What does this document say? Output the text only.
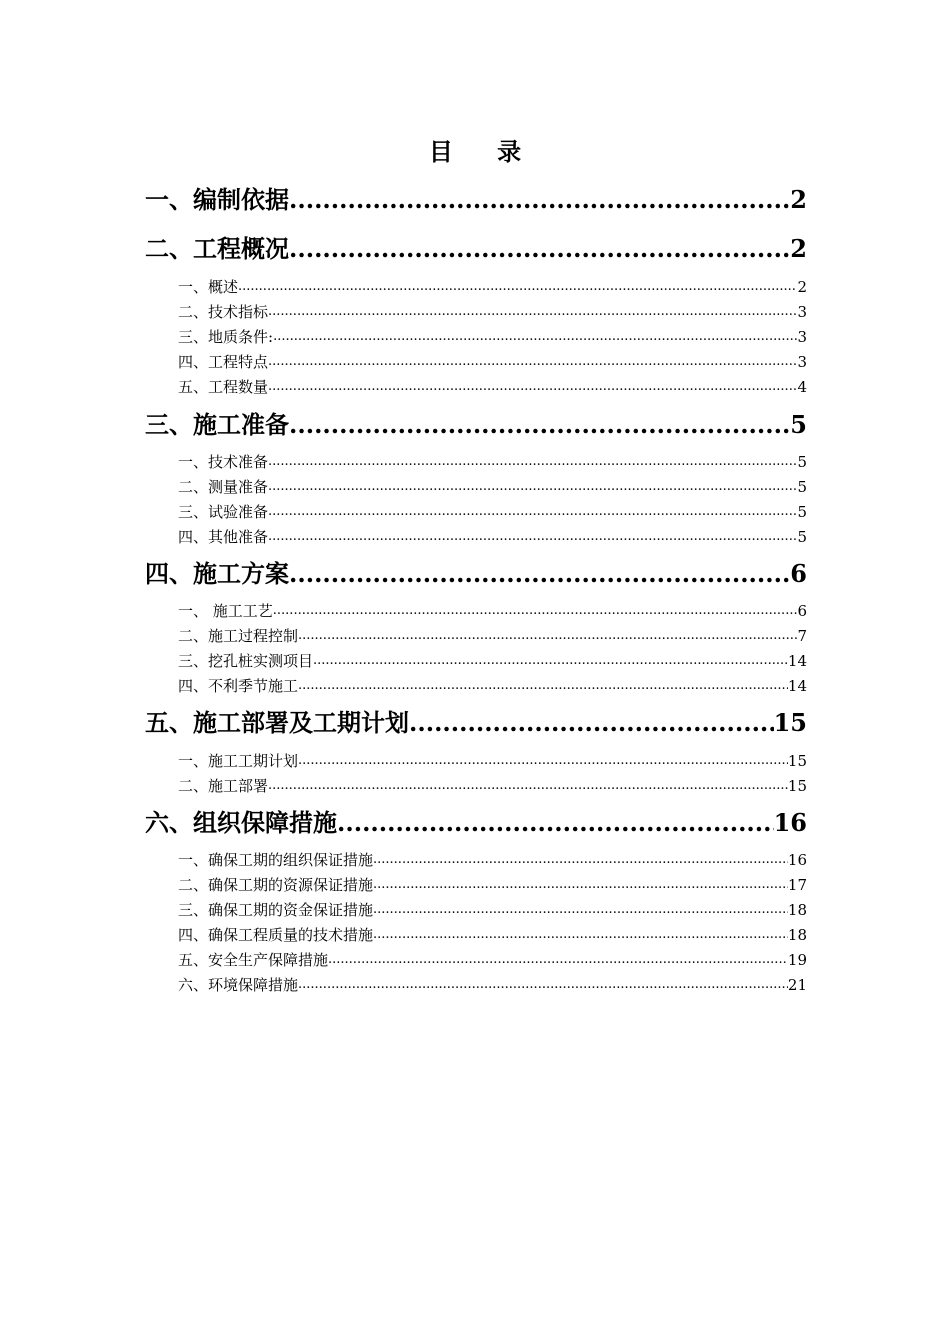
目 录
一、编制依据 .....	2
二、工程概况 .....	2
一、概述 .....	2
二、技术指标 .....	3
三、地质条件: .....	3
四、工程特点 .....	3
五、工程数量 .....	4
三、施工准备 .....	5
一、技术准备 .....	5
二、测量准备 .....	5
三、试验准备 .....	5
四、其他准备 .....	5
四、施工方案 .....	6
一、 施工工艺 .....	6
二、施工过程控制 .....	7
三、挖孔桩实测项目 .....	14
四、不利季节施工 .....	14
五、施工部署及工期计划 .....	15
一、施工工期计划 .....	15
二、施工部署 .....	15
六、组织保障措施 .....	16
一、确保工期的组织保证措施 .....	16
二、确保工期的资源保证措施 .....	17
三、确保工期的资金保证措施 .....	18
四、确保工程质量的技术措施 .....	18
五、安全生产保障措施 .....	19
六、环境保障措施 .....	21
